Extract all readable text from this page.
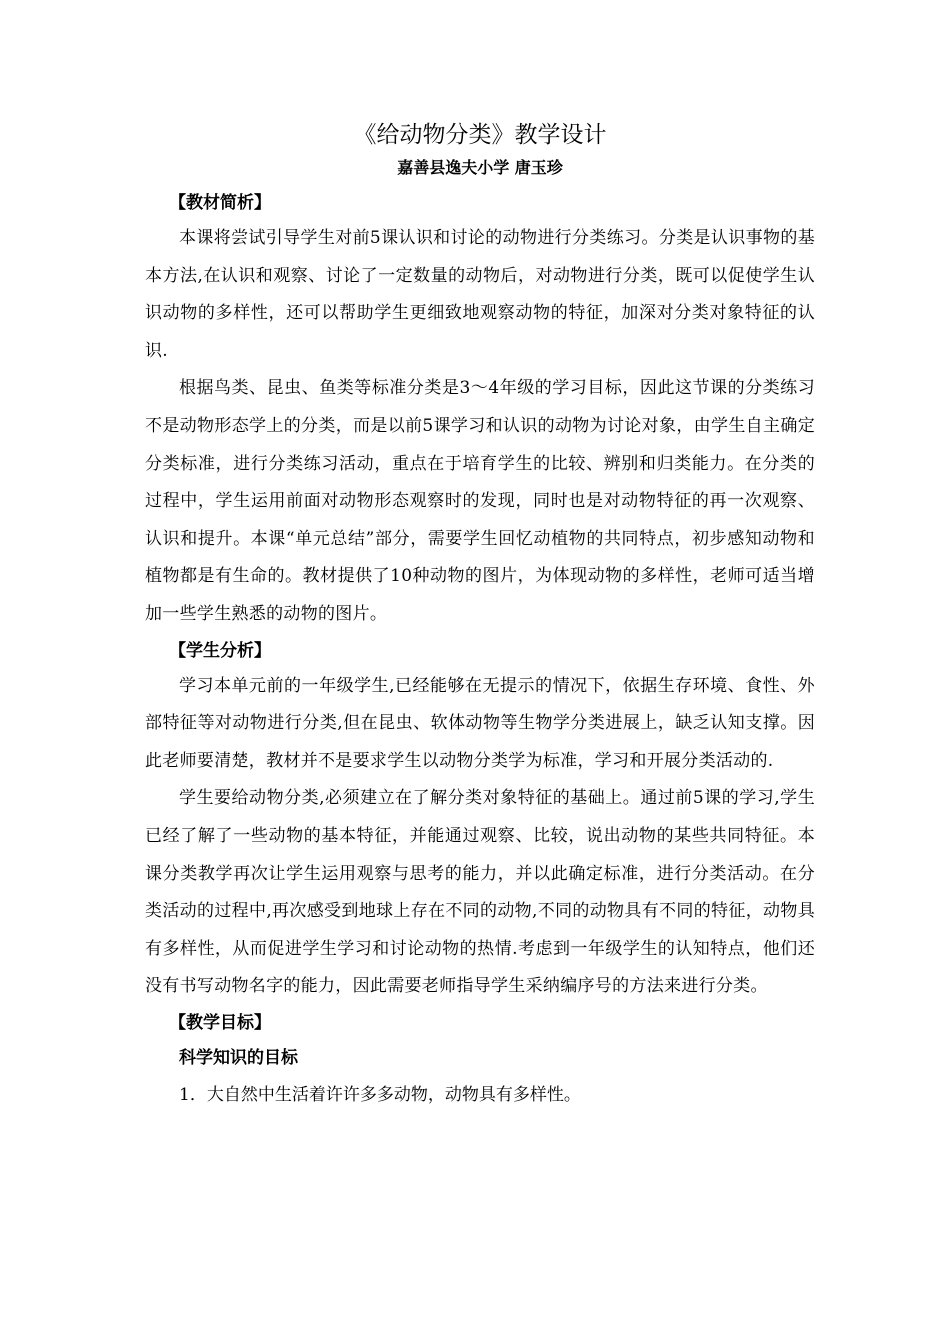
《给动物分类》教学设计
嘉善县逸夫小学 唐玉珍
【教材简析】

本课将尝试引导学生对前5课认识和讨论的动物进行分类练习。分类是认识事物的基本方法,在认识和观察、讨论了一定数量的动物后，对动物进行分类，既可以促使学生认识动物的多样性，还可以帮助学生更细致地观察动物的特征，加深对分类对象特征的认识.

根据鸟类、昆虫、鱼类等标准分类是3～4年级的学习目标，因此这节课的分类练习不是动物形态学上的分类，而是以前5课学习和认识的动物为讨论对象，由学生自主确定分类标准，进行分类练习活动，重点在于培育学生的比较、辨别和归类能力。在分类的过程中，学生运用前面对动物形态观察时的发现，同时也是对动物特征的再一次观察、认识和提升。本课“单元总结”部分，需要学生回忆动植物的共同特点，初步感知动物和植物都是有生命的。教材提供了10种动物的图片，为体现动物的多样性，老师可适当增加一些学生熟悉的动物的图片。

【学生分析】

学习本单元前的一年级学生,已经能够在无提示的情况下，依据生存环境、食性、外部特征等对动物进行分类,但在昆虫、软体动物等生物学分类进展上，缺乏认知支撑。因此老师要清楚，教材并不是要求学生以动物分类学为标准，学习和开展分类活动的.

学生要给动物分类,必须建立在了解分类对象特征的基础上。通过前5课的学习,学生已经了解了一些动物的基本特征，并能通过观察、比较，说出动物的某些共同特征。本课分类教学再次让学生运用观察与思考的能力，并以此确定标准，进行分类活动。在分类活动的过程中,再次感受到地球上存在不同的动物,不同的动物具有不同的特征，动物具有多样性，从而促进学生学习和讨论动物的热情.考虑到一年级学生的认知特点，他们还没有书写动物名字的能力，因此需要老师指导学生采纳编序号的方法来进行分类。

【教学目标】
科学知识的目标
1．大自然中生活着许许多多动物，动物具有多样性。
